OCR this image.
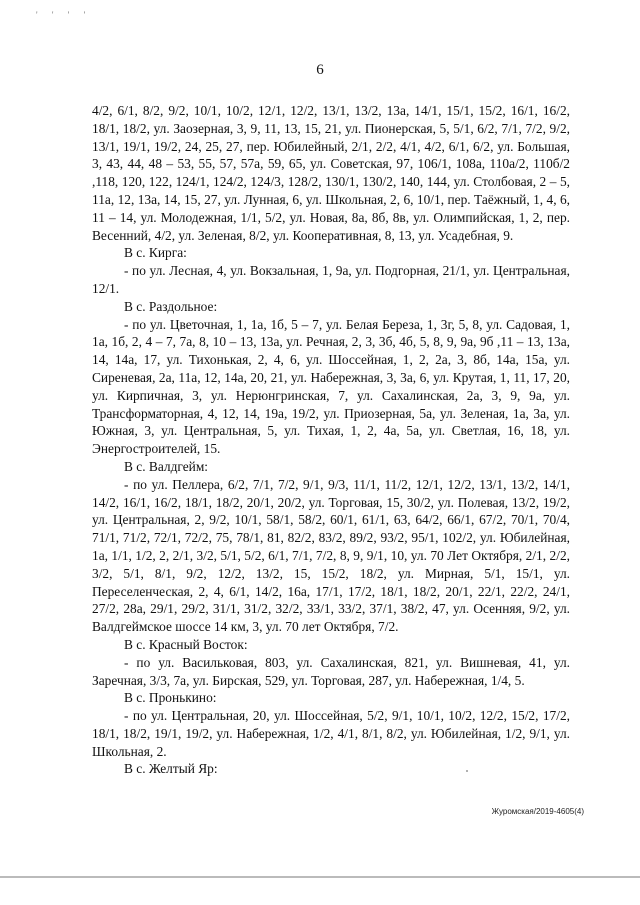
' ' ' '
6

4/2, 6/1, 8/2, 9/2, 10/1, 10/2, 12/1, 12/2, 13/1, 13/2, 13а, 14/1, 15/1, 15/2, 16/1, 16/2, 18/1, 18/2, ул. Заозерная, 3, 9, 11, 13, 15, 21, ул. Пионерская, 5, 5/1, 6/2, 7/1, 7/2, 9/2, 13/1, 19/1, 19/2, 24, 25, 27, пер. Юбилейный, 2/1, 2/2, 4/1, 4/2, 6/1, 6/2, ул. Большая, 3, 43, 44, 48 – 53, 55, 57, 57а, 59, 65, ул. Советская, 97, 106/1, 108а, 110а/2, 110б/2 ,118, 120, 122, 124/1, 124/2, 124/3, 128/2, 130/1, 130/2, 140, 144, ул. Столбовая, 2 – 5, 11а, 12, 13а, 14, 15, 27, ул. Лунная, 6, ул. Школьная, 2, 6, 10/1, пер. Таёжный, 1, 4, 6, 11 – 14, ул. Молодежная, 1/1, 5/2, ул. Новая, 8а, 8б, 8в, ул. Олимпийская, 1, 2, пер. Весенний, 4/2, ул. Зеленая, 8/2, ул. Кооперативная, 8, 13, ул. Усадебная, 9.

В с. Кирга:

- по ул. Лесная, 4, ул. Вокзальная, 1, 9а, ул. Подгорная, 21/1, ул. Центральная, 12/1.

В с. Раздольное:

- по ул. Цветочная, 1, 1а, 1б, 5 – 7, ул. Белая Береза, 1, 3г, 5, 8, ул. Садовая, 1, 1а, 1б, 2, 4 – 7, 7а, 8, 10 – 13, 13а, ул. Речная, 2, 3, 3б, 4б, 5, 8, 9, 9а, 9б ,11 – 13, 13а, 14, 14а, 17, ул. Тихонькая, 2, 4, 6, ул. Шоссейная, 1, 2, 2а, 3, 8б, 14а, 15а, ул. Сиреневая, 2а, 11а, 12, 14а, 20, 21, ул. Набережная, 3, 3а, 6, ул. Крутая, 1, 11, 17, 20, ул. Кирпичная, 3, ул. Нерюнгринская, 7, ул. Сахалинская, 2а, 3, 9, 9а, ул. Трансформаторная, 4, 12, 14, 19а, 19/2, ул. Приозерная, 5а, ул. Зеленая, 1а, 3а, ул. Южная, 3, ул. Центральная, 5, ул. Тихая, 1, 2, 4а, 5а, ул. Светлая, 16, 18, ул. Энергостроителей, 15.

В с. Валдгейм:

- по ул. Пеллера, 6/2, 7/1, 7/2, 9/1, 9/3, 11/1, 11/2, 12/1, 12/2, 13/1, 13/2, 14/1, 14/2, 16/1, 16/2, 18/1, 18/2, 20/1, 20/2, ул. Торговая, 15, 30/2, ул. Полевая, 13/2, 19/2, ул. Центральная, 2, 9/2, 10/1, 58/1, 58/2, 60/1, 61/1, 63, 64/2, 66/1, 67/2, 70/1, 70/4, 71/1, 71/2, 72/1, 72/2, 75, 78/1, 81, 82/2, 83/2, 89/2, 93/2, 95/1, 102/2, ул. Юбилейная, 1а, 1/1, 1/2, 2, 2/1, 3/2, 5/1, 5/2, 6/1, 7/1, 7/2, 8, 9, 9/1, 10, ул. 70 Лет Октября, 2/1, 2/2, 3/2, 5/1, 8/1, 9/2, 12/2, 13/2, 15, 15/2, 18/2, ул. Мирная, 5/1, 15/1, ул. Переселенческая, 2, 4, 6/1, 14/2, 16а, 17/1, 17/2, 18/1, 18/2, 20/1, 22/1, 22/2, 24/1, 27/2, 28а, 29/1, 29/2, 31/1, 31/2, 32/2, 33/1, 33/2, 37/1, 38/2, 47, ул. Осенняя, 9/2, ул. Валдгеймское шоссе 14 км, 3, ул. 70 лет Октября, 7/2.

В с. Красный Восток:

- по ул. Васильковая, 803, ул. Сахалинская, 821, ул. Вишневая, 41, ул. Заречная, 3/3, 7а, ул. Бирская, 529, ул. Торговая, 287, ул. Набережная, 1/4, 5.

В с. Пронькино:

- по ул. Центральная, 20, ул. Шоссейная, 5/2, 9/1, 10/1, 10/2, 12/2, 15/2, 17/2, 18/1, 18/2, 19/1, 19/2, ул. Набережная, 1/2, 4/1, 8/1, 8/2, ул. Юбилейная, 1/2, 9/1, ул. Школьная, 2.

В с. Желтый Яр:

Журомская/2019-4605(4)
